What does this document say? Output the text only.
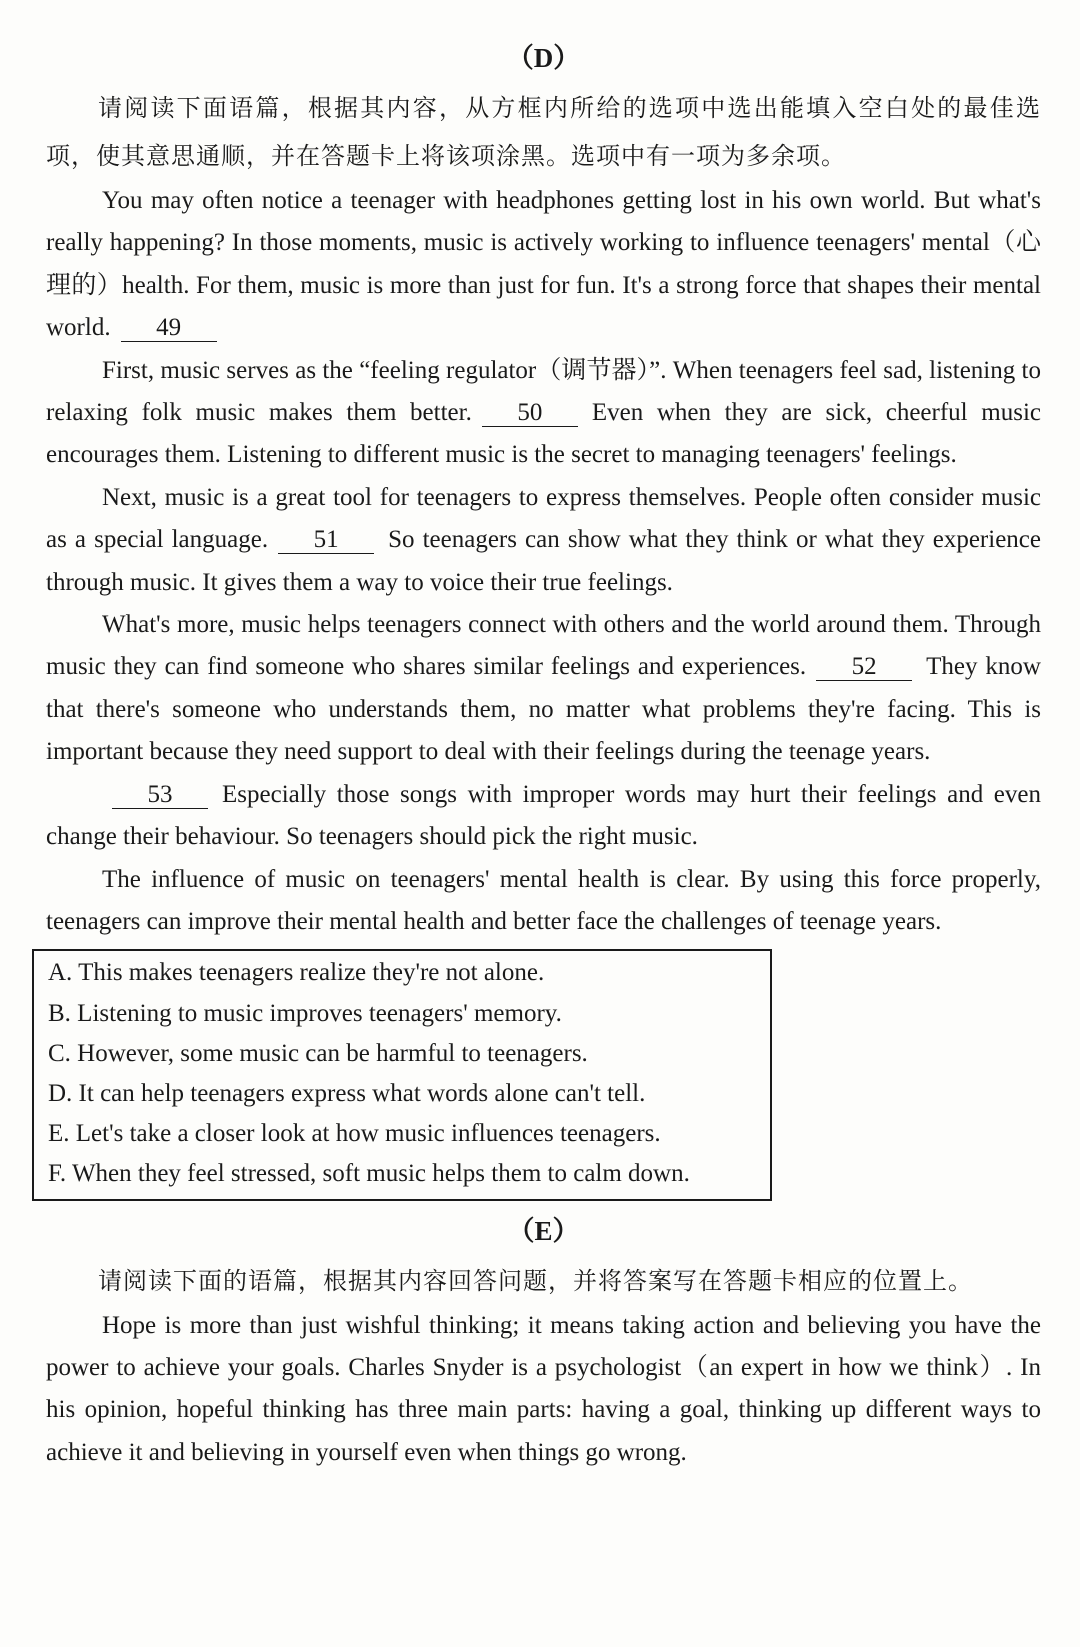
（D）

请阅读下面语篇，根据其内容，从方框内所给的选项中选出能填入空白处的最佳选项，使其意思通顺，并在答题卡上将该项涂黑。选项中有一项为多余项。

You may often notice a teenager with headphones getting lost in his own world. But what's really happening? In those moments, music is actively working to influence teenagers' mental（心理的）health. For them, music is more than just for fun. It's a strong force that shapes their mental world. 49

First, music serves as the “feeling regulator（调节器）”. When teenagers feel sad, listening to relaxing folk music makes them better. 50 Even when they are sick, cheerful music encourages them. Listening to different music is the secret to managing teenagers' feelings.

Next, music is a great tool for teenagers to express themselves. People often consider music as a special language. 51 So teenagers can show what they think or what they experience through music. It gives them a way to voice their true feelings.

What's more, music helps teenagers connect with others and the world around them. Through music they can find someone who shares similar feelings and experiences. 52 They know that there's someone who understands them, no matter what problems they're facing. This is important because they need support to deal with their feelings during the teenage years.

53 Especially those songs with improper words may hurt their feelings and even change their behaviour. So teenagers should pick the right music.

The influence of music on teenagers' mental health is clear. By using this force properly, teenagers can improve their mental health and better face the challenges of teenage years.

A. This makes teenagers realize they're not alone.

B. Listening to music improves teenagers' memory.

C. However, some music can be harmful to teenagers.

D. It can help teenagers express what words alone can't tell.

E. Let's take a closer look at how music influences teenagers.

F. When they feel stressed, soft music helps them to calm down.

（E）

请阅读下面的语篇，根据其内容回答问题，并将答案写在答题卡相应的位置上。

Hope is more than just wishful thinking; it means taking action and believing you have the power to achieve your goals. Charles Snyder is a psychologist（an expert in how we think）. In his opinion, hopeful thinking has three main parts: having a goal, thinking up different ways to achieve it and believing in yourself even when things go wrong.
